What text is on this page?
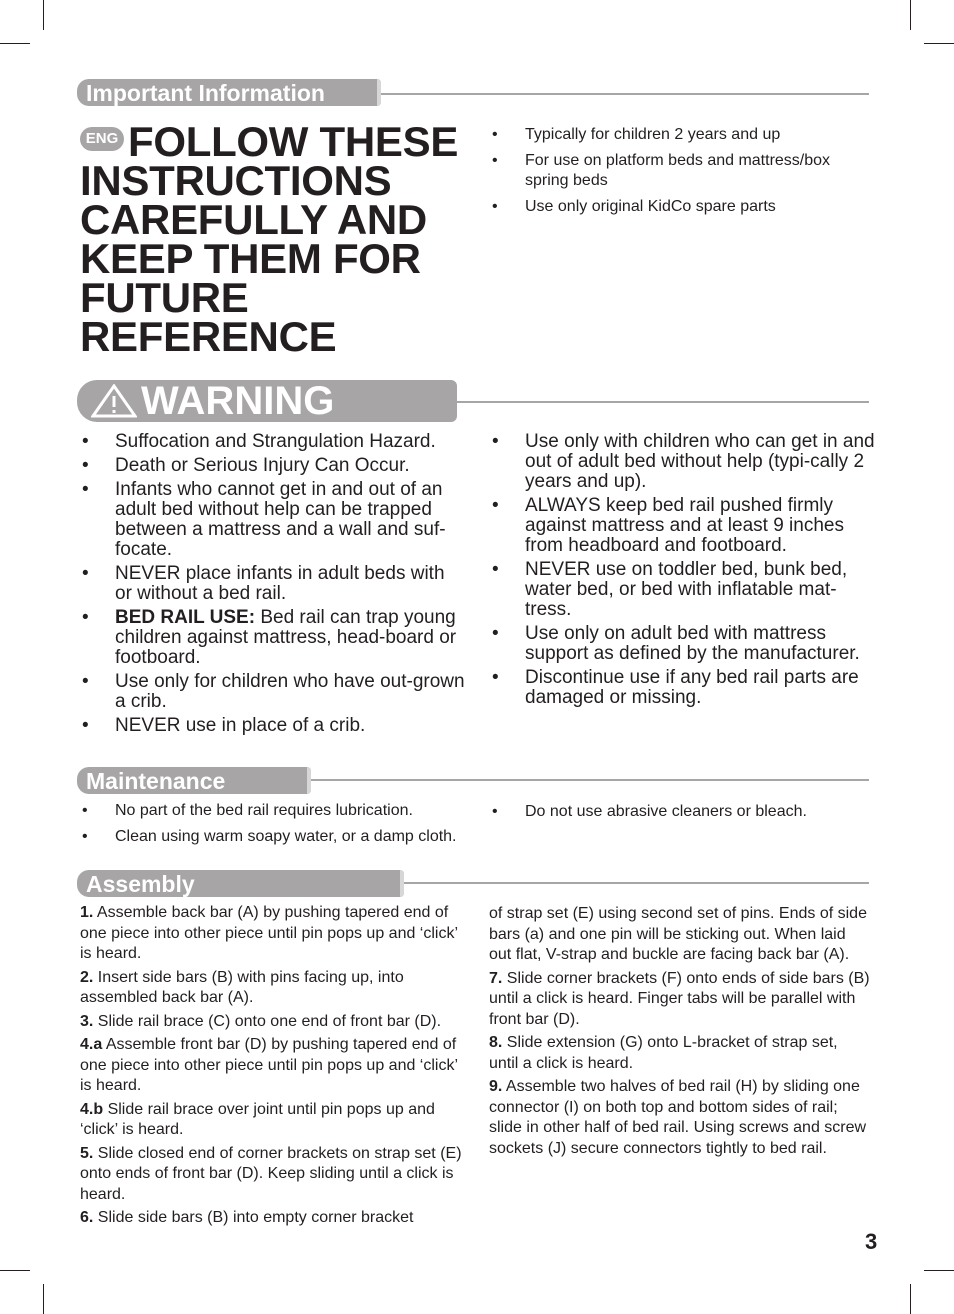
Important Information
ENG FOLLOW THESE INSTRUCTIONS CAREFULLY AND KEEP THEM FOR FUTURE REFERENCE
• Typically for children 2 years and up
• For use on platform beds and mattress/box spring beds
• Use only original KidCo spare parts
WARNING
• Suffocation and Strangulation Hazard.
• Death or Serious Injury Can Occur.
• Infants who cannot get in and out of an adult bed without help can be trapped between a mattress and a wall and suf-focate.
• NEVER place infants in adult beds with or without a bed rail.
• BED RAIL USE: Bed rail can trap young children against mattress, head-board or footboard.
• Use only for children who have out-grown a crib.
• NEVER use in place of a crib.
• Use only with children who can get in and out of adult bed without help (typi-cally 2 years and up).
• ALWAYS keep bed rail pushed firmly against mattress and at least 9 inches from headboard and footboard.
• NEVER use on toddler bed, bunk bed, water bed, or bed with inflatable mat-tress.
• Use only on adult bed with mattress support as defined by the manufacturer.
• Discontinue use if any bed rail parts are damaged or missing.
Maintenance
• No part of the bed rail requires lubrication.
• Clean using warm soapy water, or a damp cloth.
• Do not use abrasive cleaners or bleach.
Assembly

1. Assemble back bar (A) by pushing tapered end of one piece into other piece until pin pops up and ‘click’ is heard.

2. Insert side bars (B) with pins facing up, into assembled back bar (A).

3. Slide rail brace (C) onto one end of front bar (D).

4.a Assemble front bar (D) by pushing tapered end of one piece into other piece until pin pops up and ‘click’ is heard.

4.b Slide rail brace over joint until pin pops up and ‘click’ is heard.

5. Slide closed end of corner brackets on strap set (E) onto ends of front bar (D). Keep sliding until a click is heard.

6. Slide side bars (B) into empty corner bracket

of strap set (E) using second set of pins. Ends of side bars (a) and one pin will be sticking out. When laid out flat, V-strap and buckle are facing back bar (A).

7. Slide corner brackets (F) onto ends of side bars (B) until a click is heard. Finger tabs will be parallel with front bar (D).

8. Slide extension (G) onto L-bracket of strap set, until a click is heard.

9. Assemble two halves of bed rail (H) by sliding one connector (I) on both top and bottom sides of rail; slide in other half of bed rail. Using screws and screw sockets (J) secure connectors tightly to bed rail.

3
